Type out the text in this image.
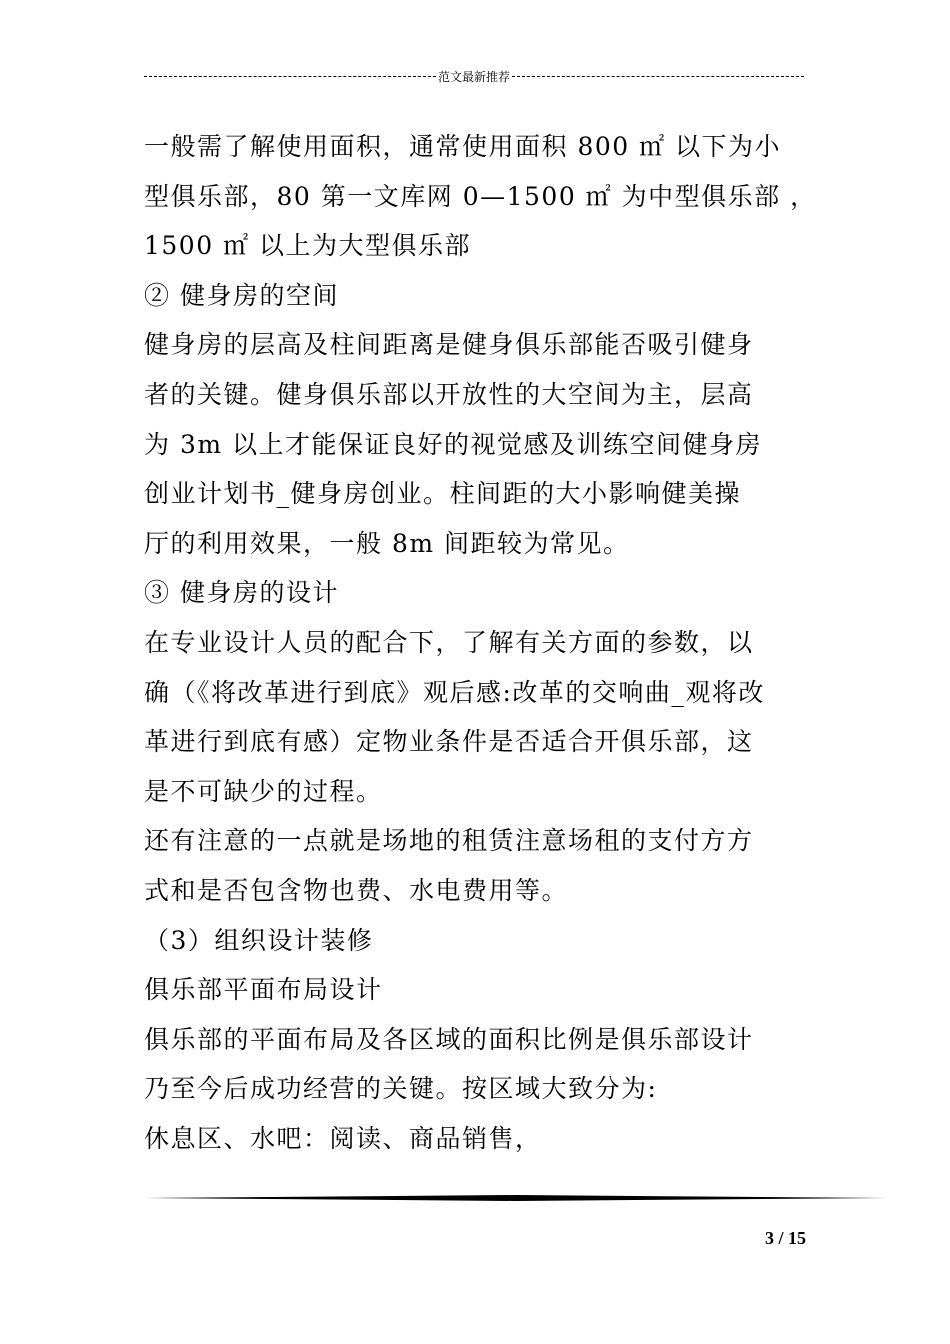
范文最新推荐

一般需了解使用面积，通常使用面积 800 ㎡ 以下为小

型俱乐部，80 第一文库网 0—1500 ㎡ 为中型俱乐部 ，

1500 ㎡ 以上为大型俱乐部

② 健身房的空间

健身房的层高及柱间距离是健身俱乐部能否吸引健身

者的关键。健身俱乐部以开放性的大空间为主，层高

为 3m 以上才能保证良好的视觉感及训练空间健身房

创业计划书_健身房创业。柱间距的大小影响健美操

厅的利用效果，一般 8m 间距较为常见。

③ 健身房的设计

在专业设计人员的配合下，了解有关方面的参数，以

确（《将改革进行到底》观后感:改革的交响曲_观将改

革进行到底有感）定物业条件是否适合开俱乐部，这

是不可缺少的过程。

还有注意的一点就是场地的租赁注意场租的支付方方

式和是否包含物也费、水电费用等。

（3）组织设计装修

俱乐部平面布局设计

俱乐部的平面布局及各区域的面积比例是俱乐部设计

乃至今后成功经营的关键。按区域大致分为:

休息区、水吧：阅读、商品销售，

3 / 15
